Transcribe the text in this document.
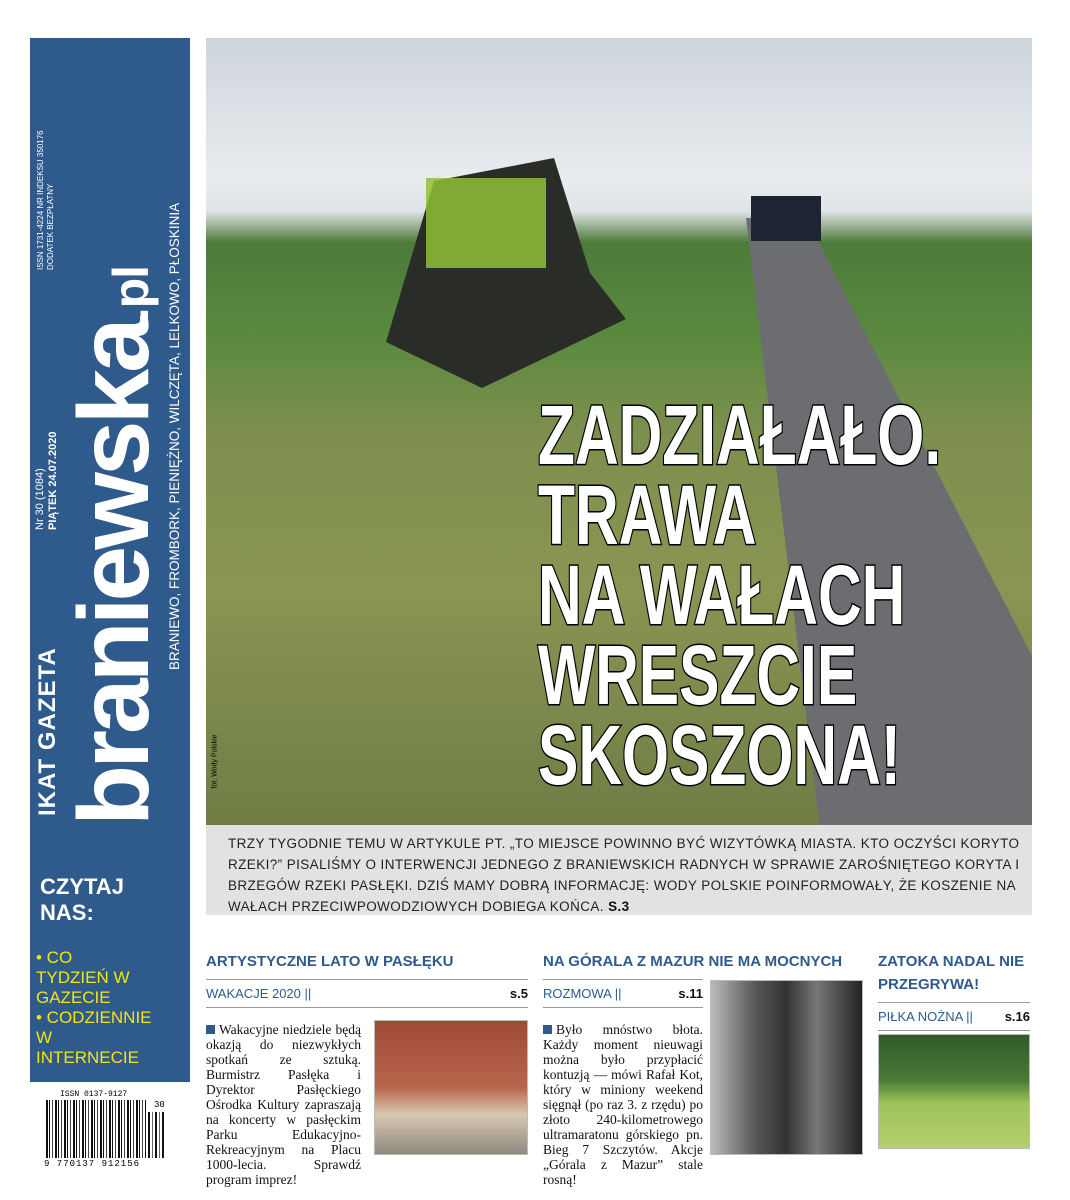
IKAT GAZETA
Nr 30 (1084) PIĄTEK 24.07.2020
ISSN 1731-4224 NR INDEKSU 350176 DODATEK BEZPŁATNY
braniewska.pl BRANIEWO, FROMBORK, PIENIĘŻNO, WILCZĘTA, LELKOWO, PŁOSKINIA
CZYTAJ NAS:
• CO TYDZIEŃ W GAZECIE
• CODZIENNIE W INTERNECIE
ISSN 0137-9127
30
9 770137 912156
fot. Wody Polskie
ZADZIAŁAŁO.
TRAWA
NA WAŁACH
WRESZCIE
SKOSZONA!
TRZY TYGODNIE TEMU W ARTYKULE PT. „TO MIEJSCE POWINNO BYĆ WIZYTÓWKĄ MIASTA. KTO OCZYŚCI KORYTO RZEKI?” PISALIŚMY O INTERWENCJI JEDNEGO Z BRANIEWSKICH RADNYCH W SPRAWIE ZAROŚNIĘTEGO KORYTA I BRZEGÓW RZEKI PASŁĘKI. DZIŚ MAMY DOBRĄ INFORMACJĘ: WODY POLSKIE POINFORMOWAŁY, ŻE KOSZENIE NA WAŁACH PRZECIWPOWODZIOWYCH DOBIEGA KOŃCA. S.3
ARTYSTYCZNE LATO W PASŁĘKU
WAKACJE 2020 ||	s.5
Wakacyjne niedziele będą okazją do niezwykłych spotkań ze sztuką. Burmistrz Pasłęka i Dyrektor Pasłęckiego Ośrodka Kultury zapraszają na koncerty w pasłęckim Parku Edukacyjno-Rekreacyjnym na Placu 1000-lecia. Sprawdź program imprez!
NA GÓRALA Z MAZUR NIE MA MOCNYCH
ROZMOWA ||	s.11
Było mnóstwo błota. Każdy moment nieuwagi można było przypłacić kontuzją — mówi Rafał Kot, który w miniony weekend sięgnął (po raz 3. z rzędu) po złoto 240-kilometrowego ultramaratonu górskiego pn. Bieg 7 Szczytów. Akcje „Górala z Mazur” stale rosną!
ZATOKA NADAL NIE PRZEGRYWA!
PIŁKA NOŻNA || s.16
